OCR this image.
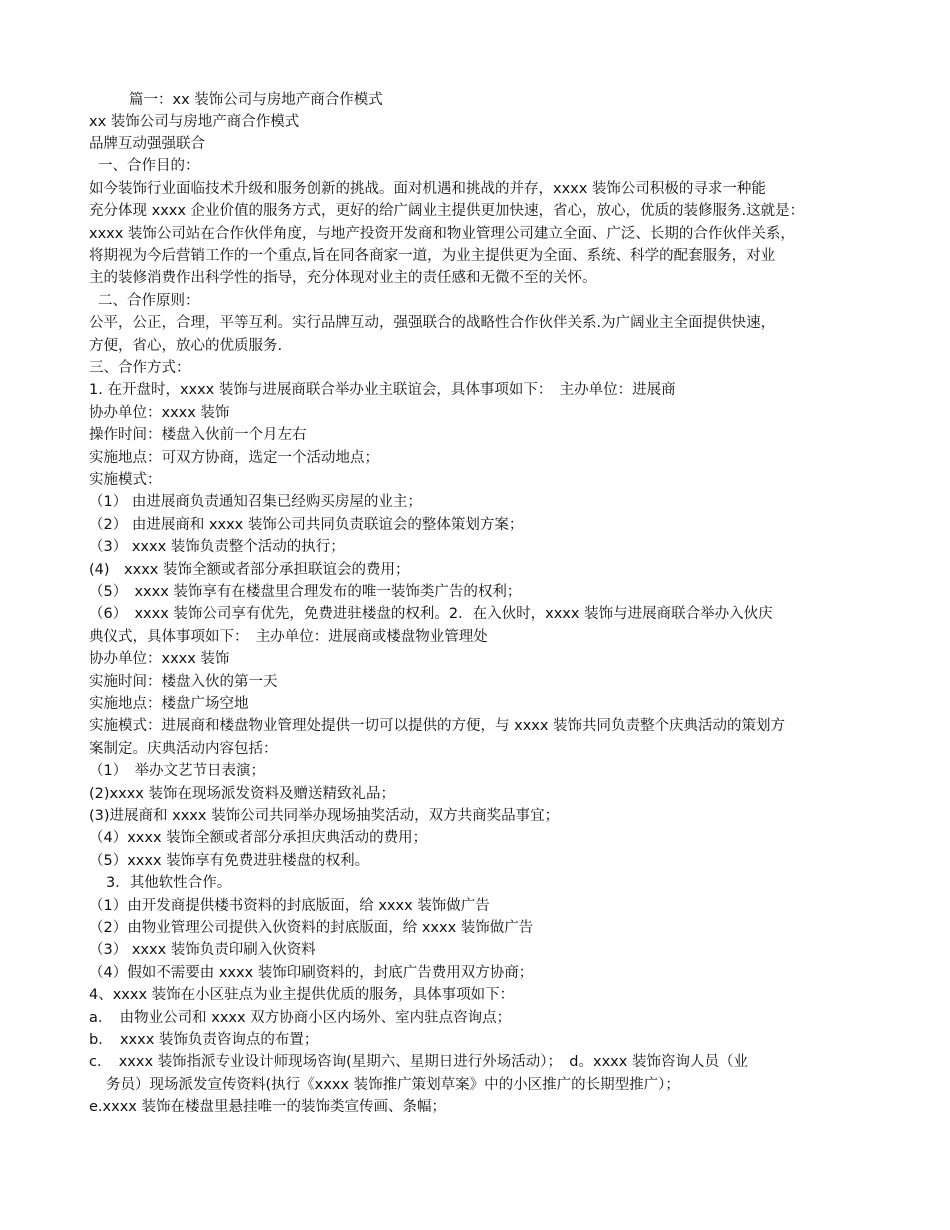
篇一：xx 装饰公司与房地产商合作模式
xx 装饰公司与房地产商合作模式
品牌互动强强联合
一、合作目的：
如今装饰行业面临技术升级和服务创新的挑战。面对机遇和挑战的并存，xxxx 装饰公司积极的寻求一种能
充分体现 xxxx 企业价值的服务方式，更好的给广阔业主提供更加快速，省心，放心，优质的装修服务.这就是：
xxxx 装饰公司站在合作伙伴角度，与地产投资开发商和物业管理公司建立全面、广泛、长期的合作伙伴关系，
将期视为今后营销工作的一个重点,旨在同各商家一道，为业主提供更为全面、系统、科学的配套服务，对业
主的装修消费作出科学性的指导，充分体现对业主的责任感和无微不至的关怀。
二、合作原则：
公平，公正，合理，平等互利。实行品牌互动，强强联合的战略性合作伙伴关系.为广阔业主全面提供快速，
方便，省心，放心的优质服务.
三、合作方式：
1. 在开盘时，xxxx 装饰与进展商联合举办业主联谊会，具体事项如下：　主办单位：进展商
协办单位：xxxx 装饰
操作时间：楼盘入伙前一个月左右
实施地点：可双方协商，选定一个活动地点；
实施模式：
（1） 由进展商负责通知召集已经购买房屋的业主；
（2） 由进展商和 xxxx 装饰公司共同负责联谊会的整体策划方案；
（3） xxxx 装饰负责整个活动的执行；
(4)　xxxx 装饰全额或者部分承担联谊会的费用；
（5）　xxxx 装饰享有在楼盘里合理发布的唯一装饰类广告的权利；
（6）　xxxx 装饰公司享有优先，免费进驻楼盘的权利。2．在入伙时，xxxx 装饰与进展商联合举办入伙庆
典仪式，具体事项如下：　主办单位：进展商或楼盘物业管理处
协办单位：xxxx 装饰
实施时间：楼盘入伙的第一天
实施地点：楼盘广场空地
实施模式：进展商和楼盘物业管理处提供一切可以提供的方便，与 xxxx 装饰共同负责整个庆典活动的策划方
案制定。庆典活动内容包括：
（1）　举办文艺节日表演；
(2)xxxx 装饰在现场派发资料及赠送精致礼品；
(3)进展商和 xxxx 装饰公司共同举办现场抽奖活动，双方共商奖品事宜；
（4）xxxx 装饰全额或者部分承担庆典活动的费用；
（5）xxxx 装饰享有免费进驻楼盘的权利。
3．其他软性合作。
（1）由开发商提供楼书资料的封底版面，给 xxxx 装饰做广告
（2）由物业管理公司提供入伙资料的封底版面，给 xxxx 装饰做广告
（3） xxxx 装饰负责印刷入伙资料
（4）假如不需要由 xxxx 装饰印刷资料的，封底广告费用双方协商；
4、xxxx 装饰在小区驻点为业主提供优质的服务，具体事项如下：
a．　由物业公司和 xxxx 双方协商小区内场外、室内驻点咨询点；
b．　xxxx 装饰负责咨询点的布置；
c．　xxxx 装饰指派专业设计师现场咨询(星期六、星期日进行外场活动）；　d。xxxx 装饰咨询人员（业
务员）现场派发宣传资料(执行《xxxx 装饰推广策划草案》中的小区推广的长期型推广）；
e.xxxx 装饰在楼盘里悬挂唯一的装饰类宣传画、条幅；
